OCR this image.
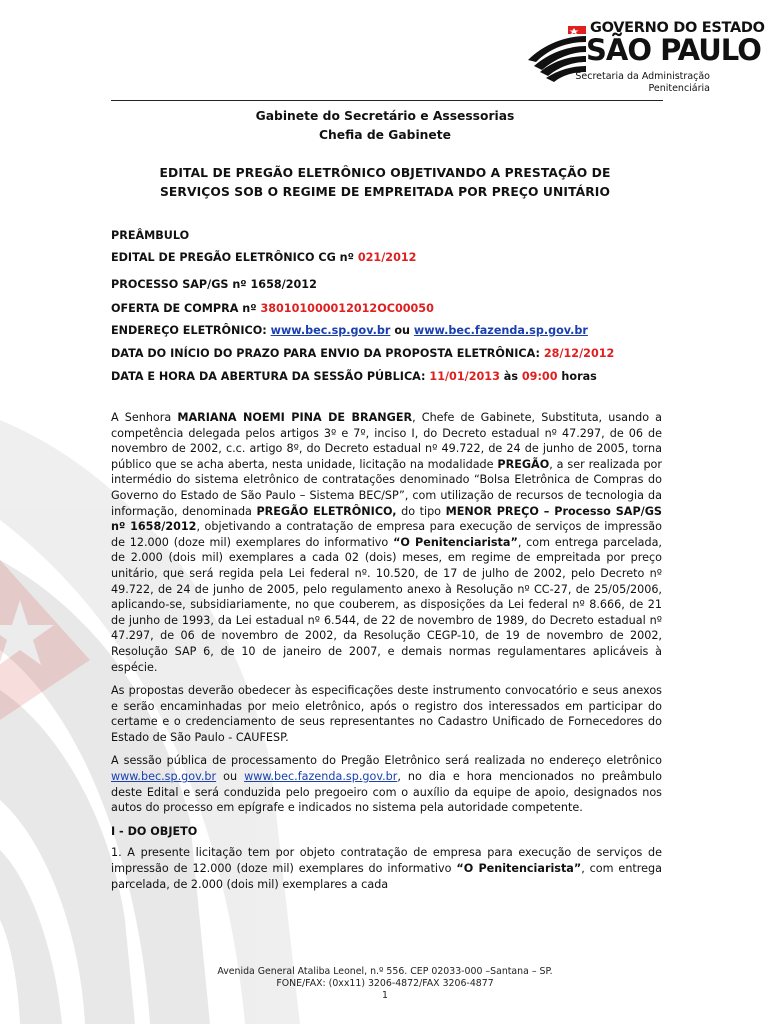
GOVERNO DO ESTADO
SÃO PAULO
Secretaria da Administração
Penitenciária
Gabinete do Secretário e Assessorias
Chefia de Gabinete
EDITAL DE PREGÃO ELETRÔNICO OBJETIVANDO A PRESTAÇÃO DE
SERVIÇOS SOB O REGIME DE EMPREITADA POR PREÇO UNITÁRIO
PREÂMBULO
EDITAL DE PREGÃO ELETRÔNICO CG nº 021/2012
PROCESSO SAP/GS nº 1658/2012
OFERTA DE COMPRA nº 380101000012012OC00050
ENDEREÇO ELETRÔNICO: www.bec.sp.gov.br ou www.bec.fazenda.sp.gov.br
DATA DO INÍCIO DO PRAZO PARA ENVIO DA PROPOSTA ELETRÔNICA: 28/12/2012
DATA E HORA DA ABERTURA DA SESSÃO PÚBLICA: 11/01/2013 às 09:00 horas

A Senhora MARIANA NOEMI PINA DE BRANGER, Chefe de Gabinete, Substituta, usando a competência delegada pelos artigos 3º e 7º, inciso I, do Decreto estadual nº 47.297, de 06 de novembro de 2002, c.c. artigo 8º, do Decreto estadual nº 49.722, de 24 de junho de 2005, torna público que se acha aberta, nesta unidade, licitação na modalidade PREGÃO, a ser realizada por intermédio do sistema eletrônico de contratações denominado “Bolsa Eletrônica de Compras do Governo do Estado de São Paulo – Sistema BEC/SP”, com utilização de recursos de tecnologia da informação, denominada PREGÃO ELETRÔNICO, do tipo MENOR PREÇO – Processo SAP/GS nº 1658/2012, objetivando a contratação de empresa para execução de serviços de impressão de 12.000 (doze mil) exemplares do informativo “O Penitenciarista”, com entrega parcelada, de 2.000 (dois mil) exemplares a cada 02 (dois) meses, em regime de empreitada por preço unitário, que será regida pela Lei federal nº. 10.520, de 17 de julho de 2002, pelo Decreto nº 49.722, de 24 de junho de 2005, pelo regulamento anexo à Resolução nº CC-27, de 25/05/2006, aplicando-se, subsidiariamente, no que couberem, as disposições da Lei federal nº 8.666, de 21 de junho de 1993, da Lei estadual nº 6.544, de 22 de novembro de 1989, do Decreto estadual nº 47.297, de 06 de novembro de 2002, da Resolução CEGP-10, de 19 de novembro de 2002, Resolução SAP 6, de 10 de janeiro de 2007, e demais normas regulamentares aplicáveis à espécie.

As propostas deverão obedecer às especificações deste instrumento convocatório e seus anexos e serão encaminhadas por meio eletrônico, após o registro dos interessados em participar do certame e o credenciamento de seus representantes no Cadastro Unificado de Fornecedores do Estado de São Paulo - CAUFESP.

A sessão pública de processamento do Pregão Eletrônico será realizada no endereço eletrônico www.bec.sp.gov.br ou www.bec.fazenda.sp.gov.br, no dia e hora mencionados no preâmbulo deste Edital e será conduzida pelo pregoeiro com o auxílio da equipe de apoio, designados nos autos do processo em epígrafe e indicados no sistema pela autoridade competente.

I - DO OBJETO

1. A presente licitação tem por objeto contratação de empresa para execução de serviços de impressão de 12.000 (doze mil) exemplares do informativo “O Penitenciarista”, com entrega parcelada, de 2.000 (dois mil) exemplares a cada

Avenida General Ataliba Leonel, n.º 556. CEP 02033-000 –Santana – SP.
FONE/FAX: (0xx11) 3206-4872/FAX 3206-4877
1
